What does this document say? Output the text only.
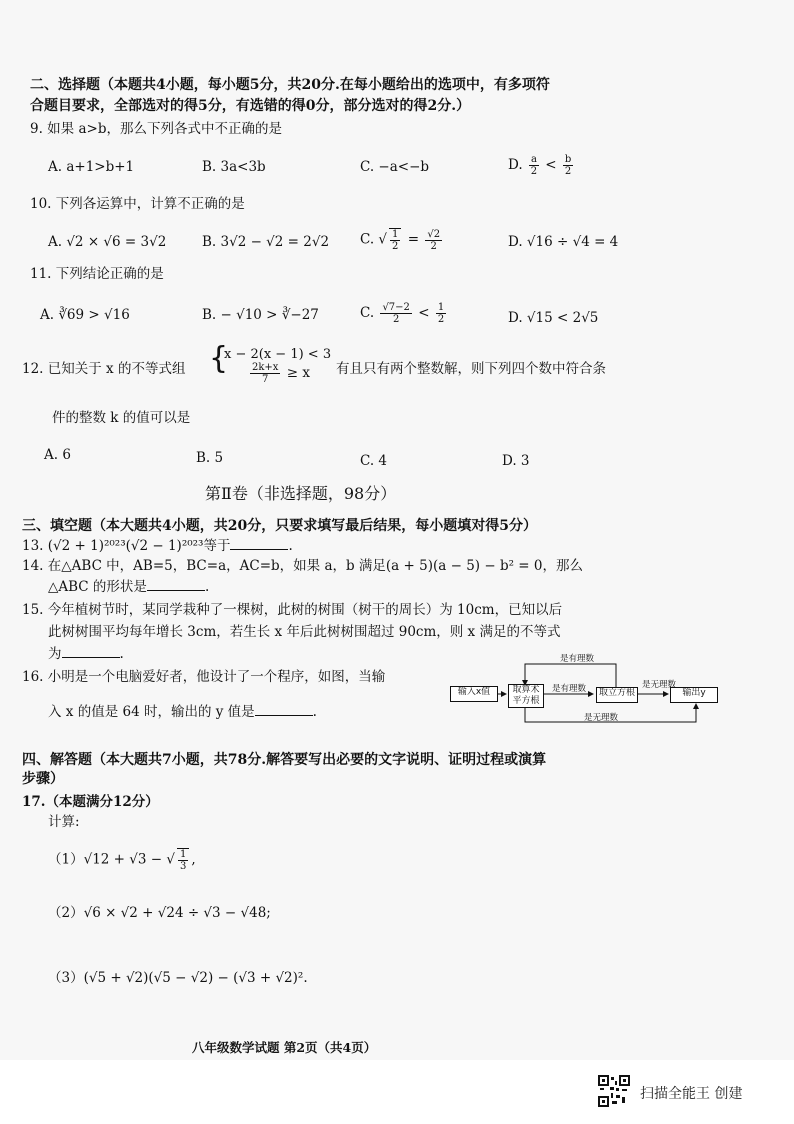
二、选择题（本题共4小题，每小题5分，共20分.在每小题给出的选项中，有多项符
合题目要求，全部选对的得5分，有选错的得0分，部分选对的得2分.）
9. 如果 a>b，那么下列各式中不正确的是
A. a+1>b+1	B. 3a<3b	C. −a<−b	D. $\frac{a}{2} < \frac{b}{2}$
10. 下列各运算中，计算不正确的是
A. √2 × √6 = 3√2	B. 3√2 − √2 = 2√2 C. √ $\frac{1}{2} = \frac{√2}{2}$	D. √16 ÷ √4 = 4
11. 下列结论正确的是
A. ∛69 > √16	B. − √10 > ∛−27	C. $\frac{√7-2}{2} < \frac{1}{2}$	D. √15 < 2√5
12. 已知关于 x 的不等式组 {
x − 2(x − 1) < 3
$\frac{2k+x}{7} \ge x$ 有且只有两个整数解，则下列四个数中符合条
件的整数 k 的值可以是
A. 6	B. 5	C. 4	D. 3
第Ⅱ卷（非选择题，98分）
三、填空题（本大题共4小题，共20分，只要求填写最后结果，每小题填对得5分）
13. (√2 + 1)²⁰²³(√2 − 1)²⁰²³等于	.
14. 在△ABC 中，AB=5，BC=a，AC=b，如果 a，b 满足(a + 5)(a − 5) − b² = 0，那么
△ABC 的形状是	.
15. 今年植树节时，某同学栽种了一棵树，此树的树围（树干的周长）为 10cm，已知以后
此树树围平均每年增长 3cm，若生长 x 年后此树树围超过 90cm，则 x 满足的不等式
为	.
16. 小明是一个电脑爱好者，他设计了一个程序，如图，当输
入 x 的值是 64 时，输出的 y 值是	.
输入x值	取算术
平方根
取立方根	输出y
是有理数
是有理数	是无理数
是无理数
四、解答题（本大题共7小题，共78分.解答要写出必要的文字说明、证明过程或演算
步骤）
17.（本题满分12分）
计算:
（1）√12 + √3 − √ $\frac{1}{3}$ ,
（2）√6 × √2 + √24 ÷ √3 − √48;
（3）(√5 + √2)(√5 − √2) − (√3 + √2)².
八年级数学试题 第2页（共4页）
扫描全能王 创建
